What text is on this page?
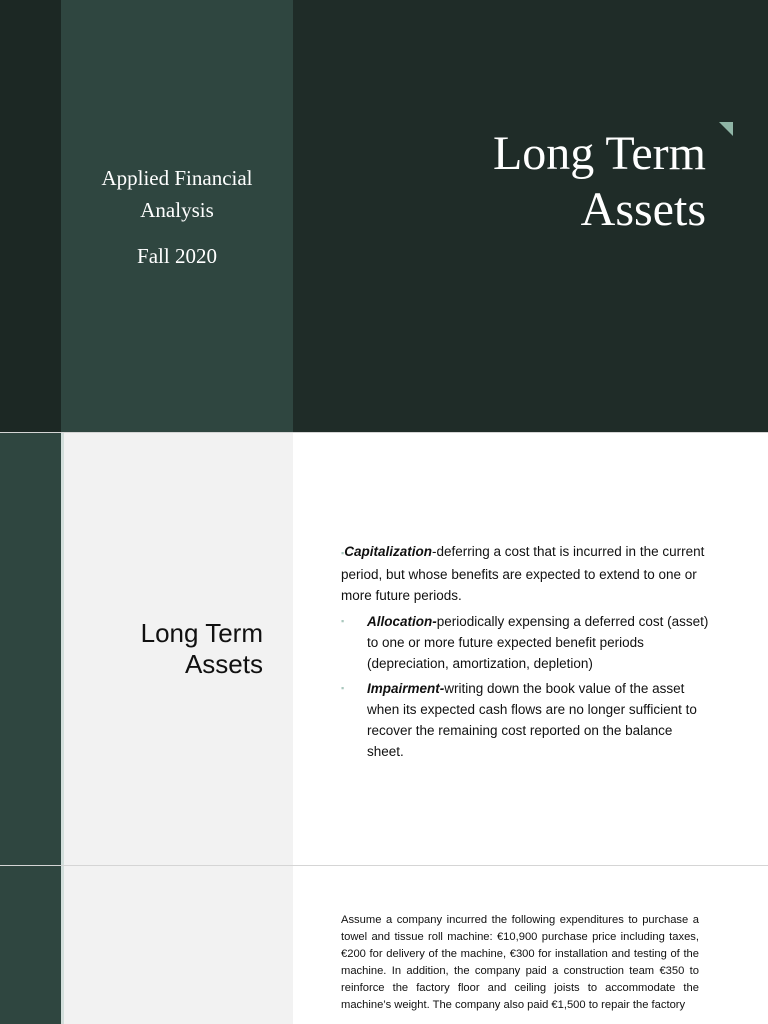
Applied Financial
Analysis
Fall 2020
Long Term
Assets
Long Term
Assets

▪Capitalization-deferring a cost that is incurred in the current period, but whose benefits are expected to extend to one or more future periods.

▪ Allocation-periodically expensing a deferred cost (asset) to one or more future expected benefit periods (depreciation, amortization, depletion)
▪ Impairment-writing down the book value of the asset when its expected cash flows are no longer sufficient to recover the remaining cost reported on the balance sheet.

Assume a company incurred the following expenditures to purchase a towel and tissue roll machine: €10,900 purchase price including taxes,€200 for delivery of the machine, €300 for installation and testing of the machine. In addition, the company paid a construction team €350 to reinforce the factory floor and ceiling joists to accommodate the machine’s weight. The company also paid €1,500 to repair the factory
